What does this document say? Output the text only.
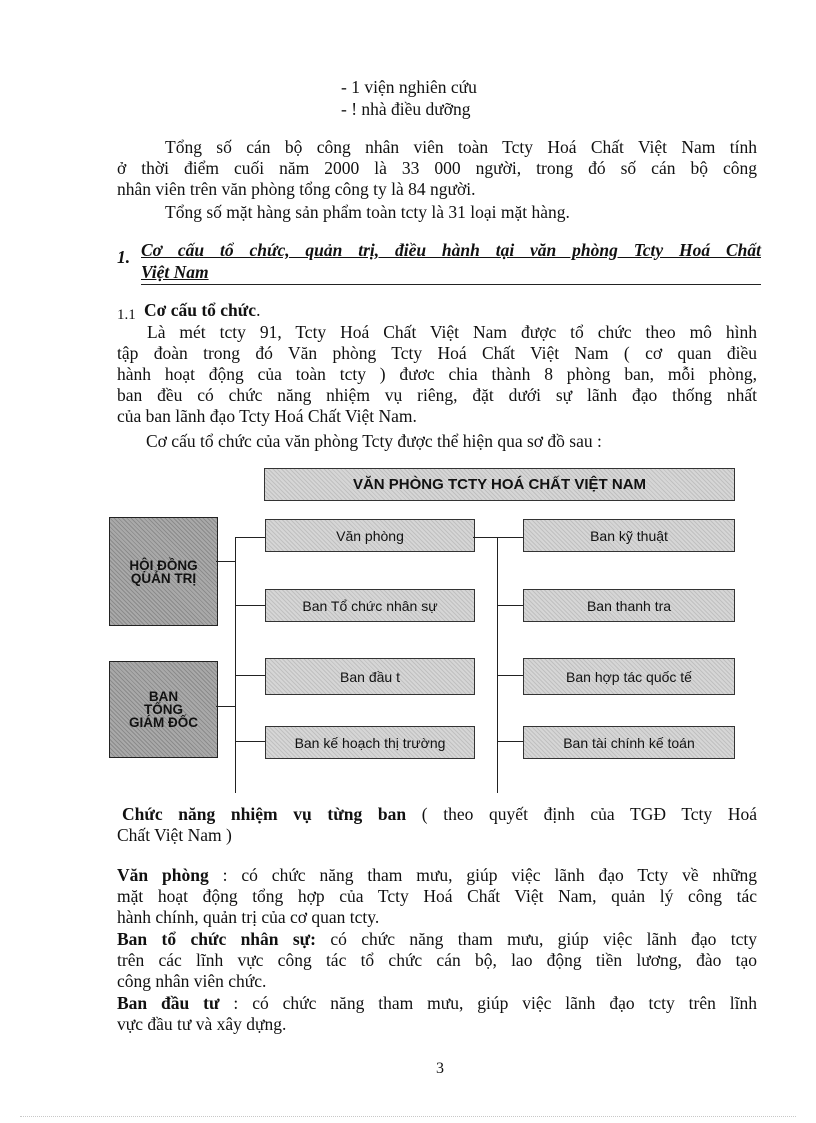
- 1 viện nghiên cứu
- ! nhà điều dưỡng
Tổng số cán bộ công nhân viên toàn Tcty Hoá Chất Việt Nam tính
ở thời điểm cuối năm 2000 là 33 000 người, trong đó số cán bộ công
nhân viên trên văn phòng tổng công ty là 84 người.
Tổng số mặt hàng sản phẩm toàn tcty là 31 loại mặt hàng.
1. Cơ cấu tổ chức, quản trị, điều hành tại văn phòng Tcty Hoá Chất
Việt Nam
1.1 Cơ cấu tổ chức.
Là mét tcty 91, Tcty Hoá Chất Việt Nam được tổ chức theo mô hình
tập đoàn trong đó Văn phòng Tcty Hoá Chất Việt Nam ( cơ quan điều
hành hoạt động của toàn tcty ) đươc chia thành 8 phòng ban, mỗi phòng,
ban đều có chức năng nhiệm vụ riêng, đặt dưới sự lãnh đạo thống nhất
của ban lãnh đạo Tcty Hoá Chất Việt Nam.
Cơ cấu tổ chức của văn phòng Tcty được thể hiện qua sơ đồ sau :
VĂN PHÒNG TCTY HOÁ CHẤT VIỆT NAM
HỘI ĐỒNG
QUẢN TRỊ
BAN
TỔNG
GIÁM ĐỐC
Văn phòng
Ban Tổ chức nhân sự
Ban đầu t
Ban kế hoạch thị trường
Ban kỹ thuật
Ban thanh tra
Ban hợp tác quốc tế
Ban tài chính kế toán
Chức năng nhiệm vụ từng ban ( theo quyết định của TGĐ Tcty Hoá
Chất Việt Nam )
Văn phòng : có chức năng tham mưu, giúp việc lãnh đạo Tcty về những
mặt hoạt động tổng hợp của Tcty Hoá Chất Việt Nam, quản lý công tác
hành chính, quản trị của cơ quan tcty.
Ban tổ chức nhân sự: có chức năng tham mưu, giúp việc lãnh đạo tcty
trên các lĩnh vực công tác tổ chức cán bộ, lao động tiền lương, đào tạo
công nhân viên chức.
Ban đầu tư : có chức năng tham mưu, giúp việc lãnh đạo tcty trên lĩnh
vực đầu tư và xây dựng.
3
